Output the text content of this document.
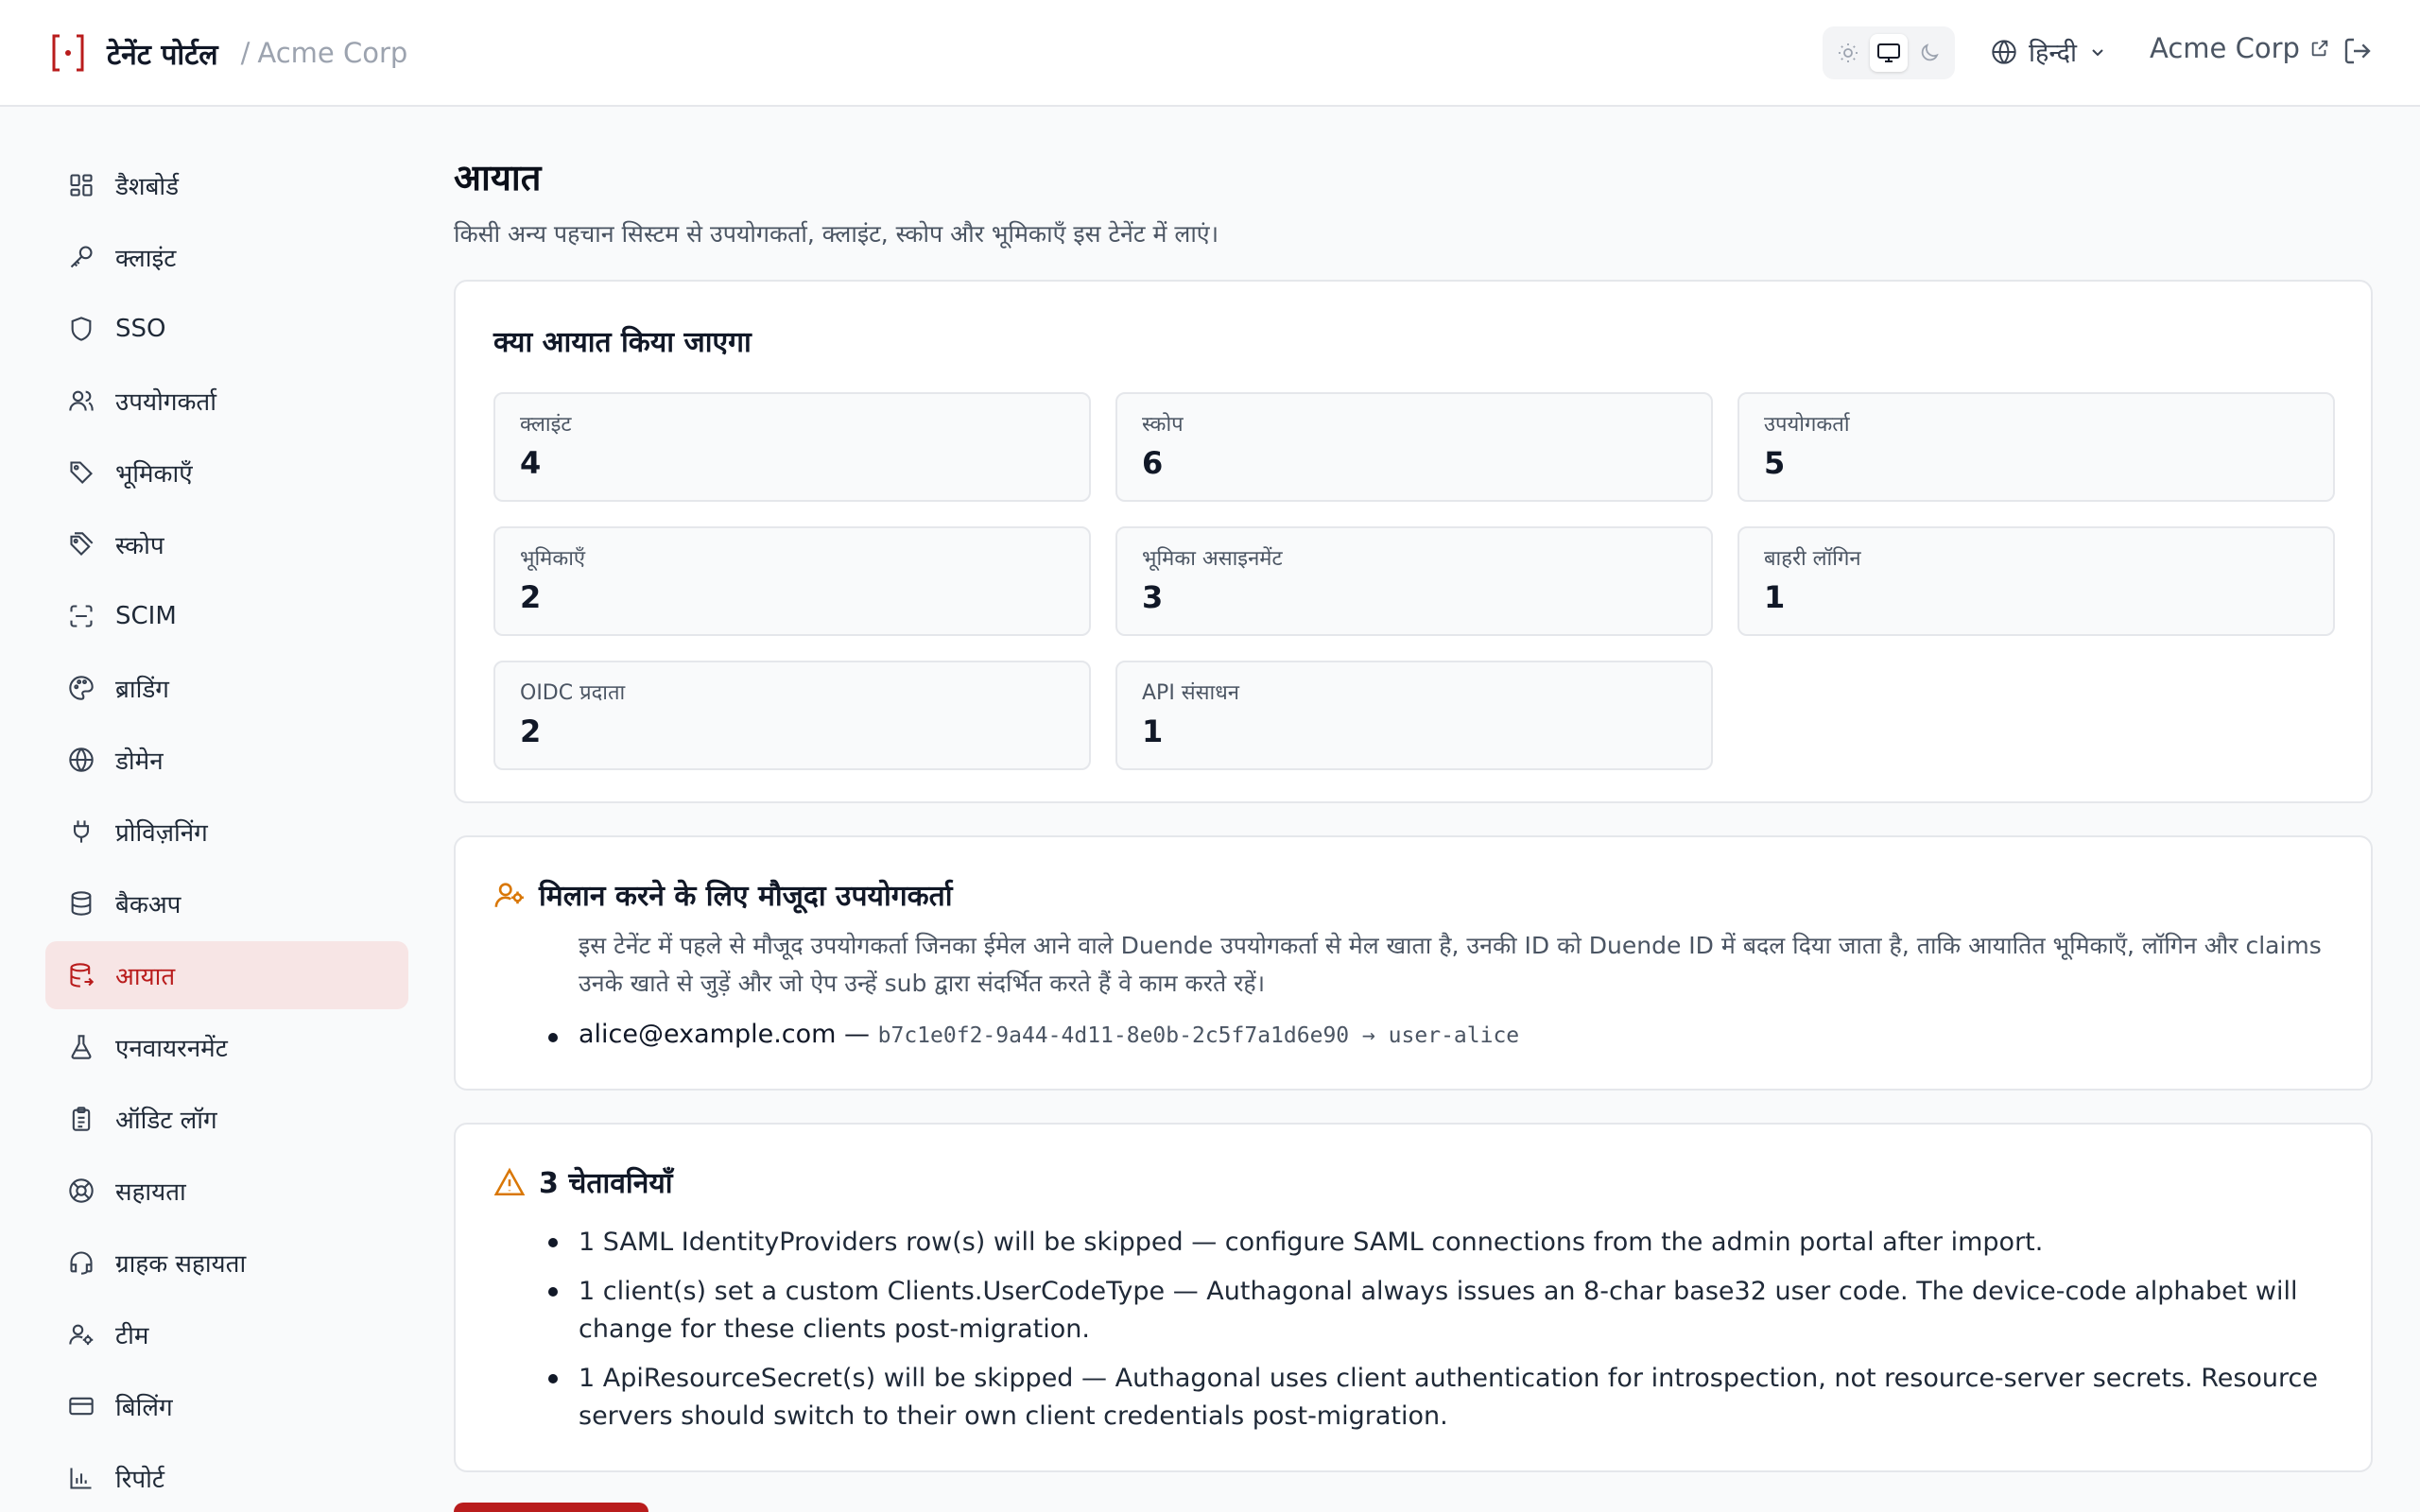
टेनेंट पोर्टल / Acme Corp	हिन्दी	Acme Corp
डैशबोर्ड
क्लाइंट
SSO
उपयोगकर्ता
भूमिकाएँ
स्कोप
SCIM
ब्राडिंग
डोमेन
प्रोविज़निंग
बैकअप
आयात
एनवायरनमेंट
ऑडिट लॉग
सहायता
ग्राहक सहायता
टीम
बिलिंग
रिपोर्ट
आयात

किसी अन्य पहचान सिस्टम से उपयोगकर्ता, क्लाइंट, स्कोप और भूमिकाएँ इस टेनेंट में लाएं।

क्या आयात किया जाएगा
क्लाइंट
4
स्कोप
6
उपयोगकर्ता
5
भूमिकाएँ
2
भूमिका असाइनमेंट
3
बाहरी लॉगिन
1
OIDC प्रदाता
2
API संसाधन
1
मिलान करने के लिए मौजूदा उपयोगकर्ता

इस टेनेंट में पहले से मौजूद उपयोगकर्ता जिनका ईमेल आने वाले Duende उपयोगकर्ता से मेल खाता है, उनकी ID को Duende ID में बदल दिया जाता है, ताकि आयातित भूमिकाएँ, लॉगिन और claims उनके खाते से जुड़ें और जो ऐप उन्हें sub द्वारा संदर्भित करते हैं वे काम करते रहें।

alice@example.com — b7c1e0f2-9a44-4d11-8e0b-2c5f7a1d6e90 → user-alice
3 चेतावनियाँ
1 SAML IdentityProviders row(s) will be skipped — configure SAML connections from the admin portal after import.
1 client(s) set a custom Clients.UserCodeType — Authagonal always issues an 8-char base32 user code. The device-code alphabet will change for these clients post-migration.
1 ApiResourceSecret(s) will be skipped — Authagonal uses client authentication for introspection, not resource-server secrets. Resource servers should switch to their own client credentials post-migration.
